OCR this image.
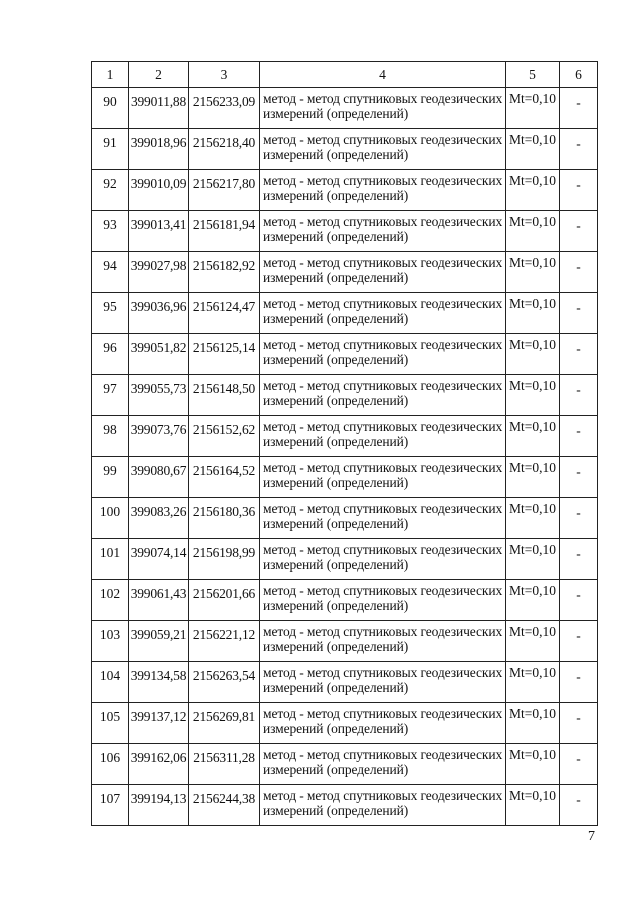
1	2	3	4	5	6
90	399011,88	2156233,09	метод - метод спутниковых геодезических
измерений (определений)	Mt=0,10	-
91	399018,96	2156218,40	метод - метод спутниковых геодезических
измерений (определений)	Mt=0,10	-
92	399010,09	2156217,80	метод - метод спутниковых геодезических
измерений (определений)	Mt=0,10	-
93	399013,41	2156181,94	метод - метод спутниковых геодезических
измерений (определений)	Mt=0,10	-
94	399027,98	2156182,92	метод - метод спутниковых геодезических
измерений (определений)	Mt=0,10	-
95	399036,96	2156124,47	метод - метод спутниковых геодезических
измерений (определений)	Mt=0,10	-
96	399051,82	2156125,14	метод - метод спутниковых геодезических
измерений (определений)	Mt=0,10	-
97	399055,73	2156148,50	метод - метод спутниковых геодезических
измерений (определений)	Mt=0,10	-
98	399073,76	2156152,62	метод - метод спутниковых геодезических
измерений (определений)	Mt=0,10	-
99	399080,67	2156164,52	метод - метод спутниковых геодезических
измерений (определений)	Mt=0,10	-
100	399083,26	2156180,36	метод - метод спутниковых геодезических
измерений (определений)	Mt=0,10	-
101	399074,14	2156198,99	метод - метод спутниковых геодезических
измерений (определений)	Mt=0,10	-
102	399061,43	2156201,66	метод - метод спутниковых геодезических
измерений (определений)	Mt=0,10	-
103	399059,21	2156221,12	метод - метод спутниковых геодезических
измерений (определений)	Mt=0,10	-
104	399134,58	2156263,54	метод - метод спутниковых геодезических
измерений (определений)	Mt=0,10	-
105	399137,12	2156269,81	метод - метод спутниковых геодезических
измерений (определений)	Mt=0,10	-
106	399162,06	2156311,28	метод - метод спутниковых геодезических
измерений (определений)	Mt=0,10	-
107	399194,13	2156244,38	метод - метод спутниковых геодезических
измерений (определений)	Mt=0,10	-
7
